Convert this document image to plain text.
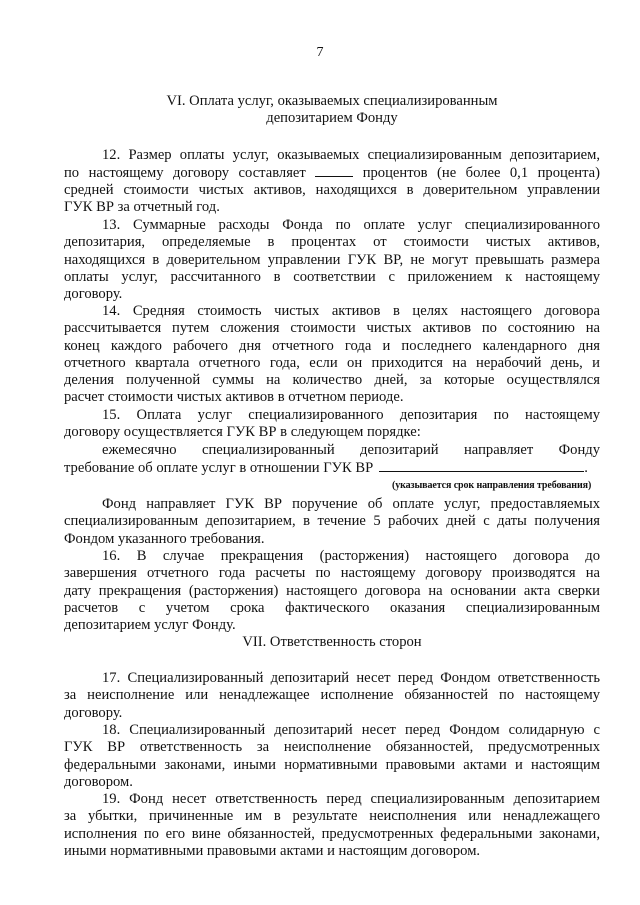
7
VI. Оплата услуг, оказываемых специализированным
депозитарием Фонду
12. Размер оплаты услуг, оказываемых специализированным депозитарием,
по настоящему договору составляет	процентов (не более 0,1 процента)
средней стоимости чистых активов, находящихся в доверительном управлении
ГУК ВР за отчетный год.
13. Суммарные расходы Фонда по оплате услуг специализированного
депозитария, определяемые в процентах от стоимости чистых активов,
находящихся в доверительном управлении ГУК ВР, не могут превышать размера
оплаты услуг, рассчитанного в соответствии с приложением к настоящему
договору.
14. Средняя стоимость чистых активов в целях настоящего договора
рассчитывается путем сложения стоимости чистых активов по состоянию на
конец каждого рабочего дня отчетного года и последнего календарного дня
отчетного квартала отчетного года, если он приходится на нерабочий день, и
деления полученной суммы на количество дней, за которые осуществлялся
расчет стоимости чистых активов в отчетном периоде.
15. Оплата услуг специализированного депозитария по настоящему
договору осуществляется ГУК ВР в следующем порядке:
ежемесячно специализированный депозитарий направляет Фонду
требование об оплате услуг в отношении ГУК ВР	.
(указывается срок направления требования)
Фонд направляет ГУК ВР поручение об оплате услуг, предоставляемых
специализированным депозитарием, в течение 5 рабочих дней с даты получения
Фондом указанного требования.
16. В случае прекращения (расторжения) настоящего договора до
завершения отчетного года расчеты по настоящему договору производятся на
дату прекращения (расторжения) настоящего договора на основании акта сверки
расчетов с учетом срока фактического оказания специализированным
депозитарием услуг Фонду.
VII. Ответственность сторон
17. Специализированный депозитарий несет перед Фондом ответственность
за неисполнение или ненадлежащее исполнение обязанностей по настоящему
договору.
18. Специализированный депозитарий несет перед Фондом солидарную с
ГУК ВР ответственность за неисполнение обязанностей, предусмотренных
федеральными законами, иными нормативными правовыми актами и настоящим
договором.
19. Фонд несет ответственность перед специализированным депозитарием
за убытки, причиненные им в результате неисполнения или ненадлежащего
исполнения по его вине обязанностей, предусмотренных федеральными законами,
иными нормативными правовыми актами и настоящим договором.
